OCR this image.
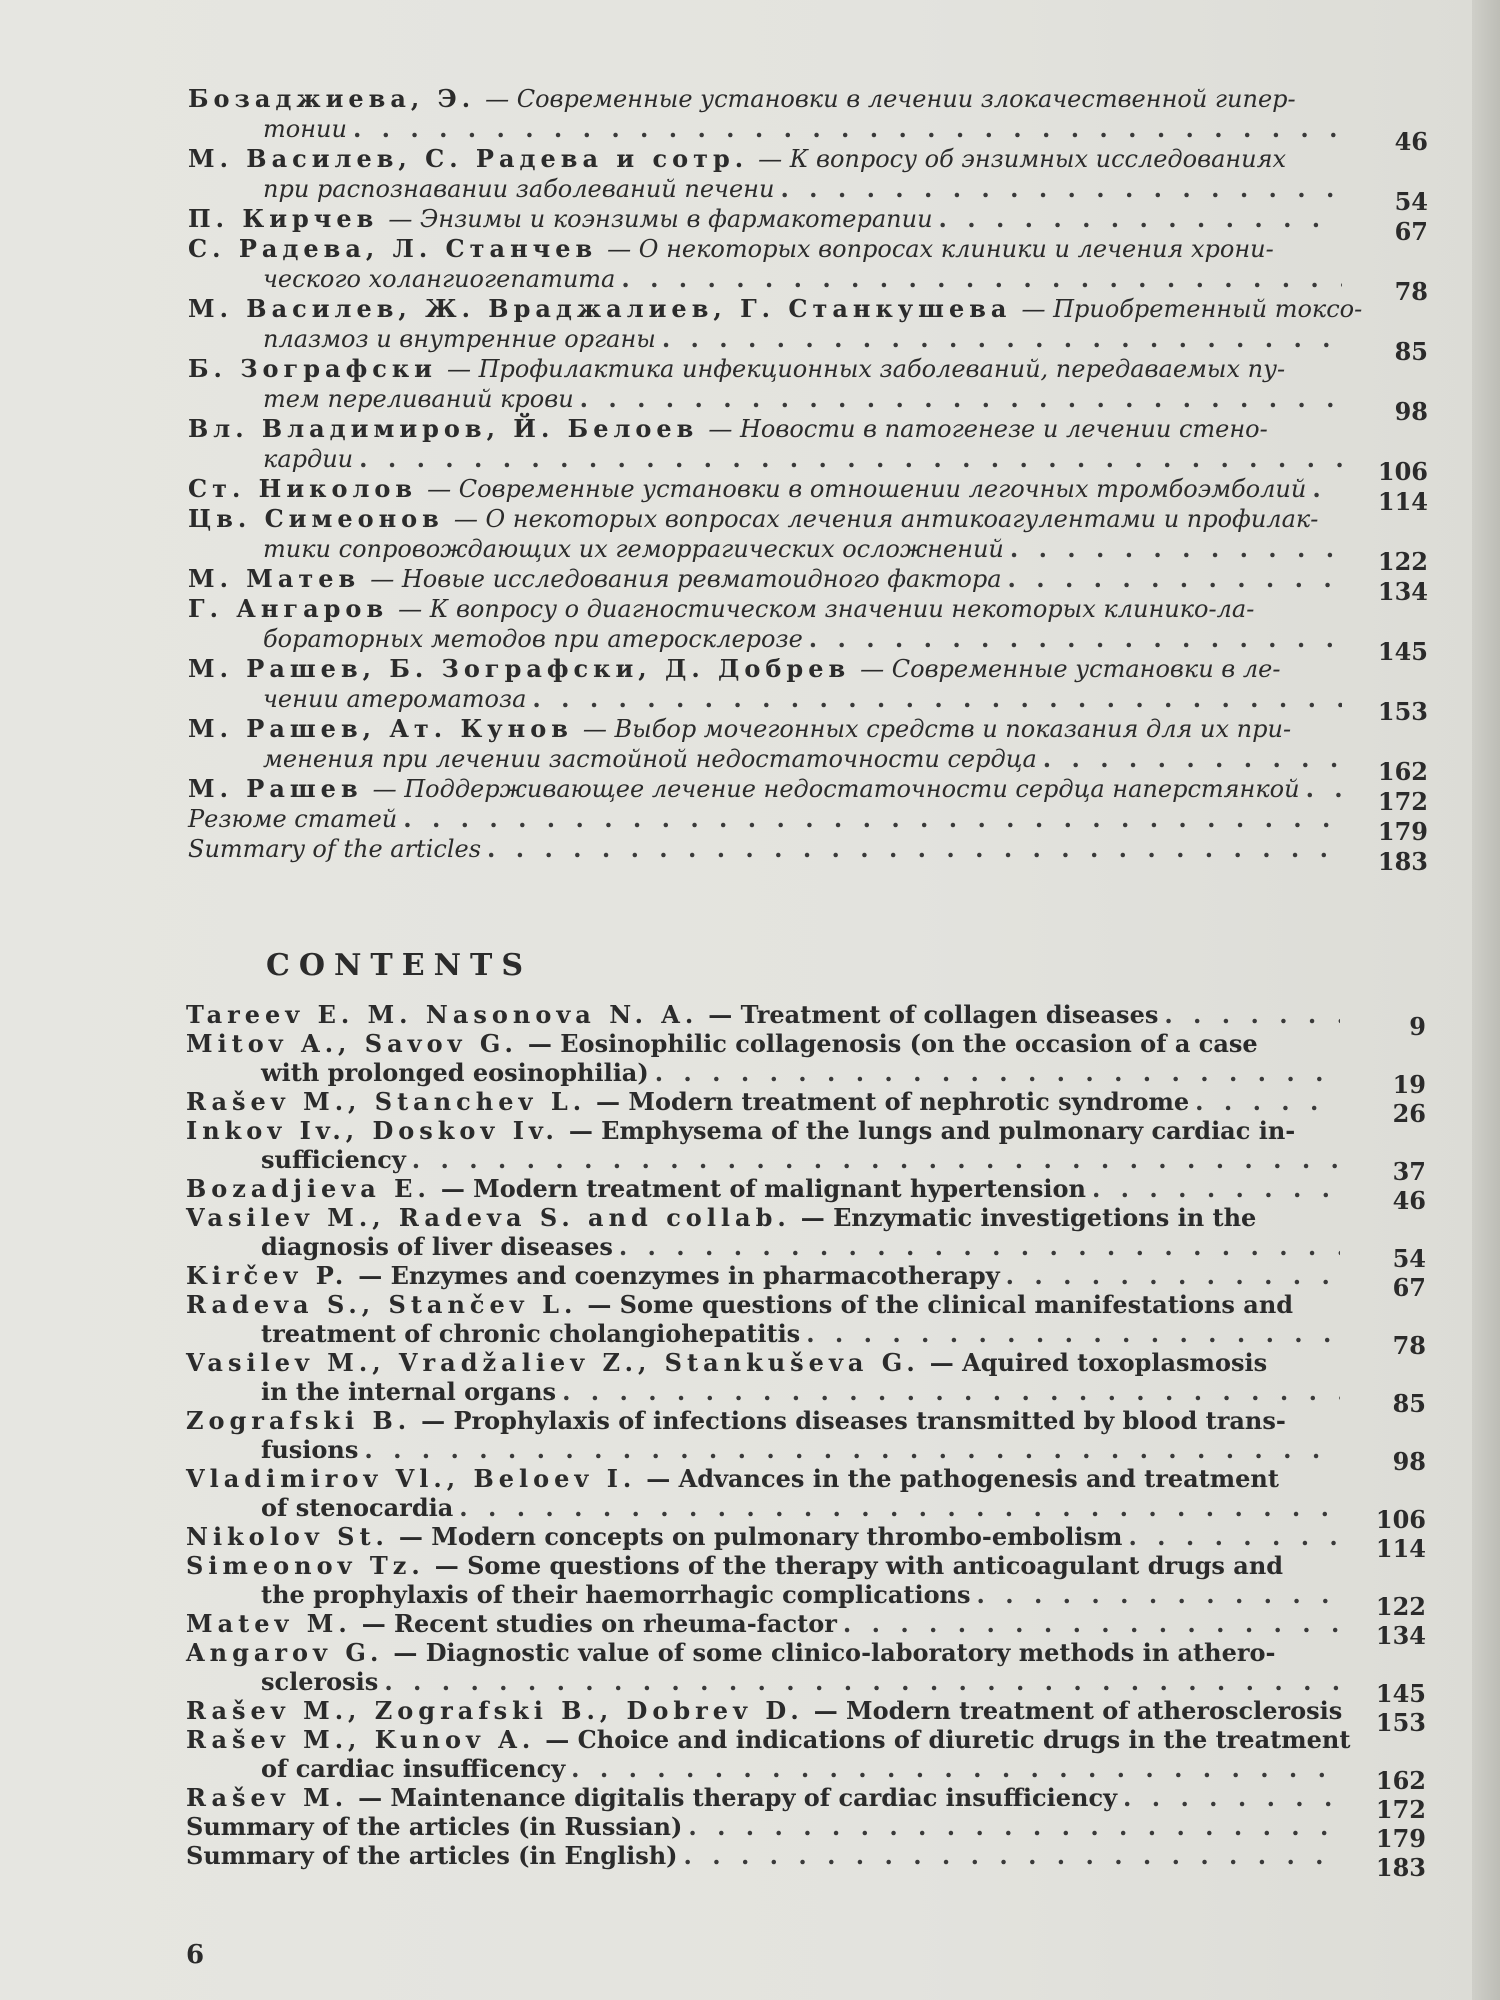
Бозаджиева, Э. — Современные установки в лечении злокачественной гипер-
тонии . . .	46
М. Василев, С. Радева и сотр. — К вопросу об энзимных исследованиях
при распознавании заболеваний печени . . .	54
П. Кирчев — Энзимы и коэнзимы в фармакотерапии . . .	67
С. Радева, Л. Станчев — О некоторых вопросах клиники и лечения хрони-
ческого холангиогепатита . . .	78
М. Василев, Ж. Враджалиев, Г. Станкушева — Приобретенный токсо-
плазмоз и внутренние органы . . .	85
Б. Зографски — Профилактика инфекционных заболеваний, передаваемых пу-
тем переливаний крови . . .	98
Вл. Владимиров, Й. Белоев — Новости в патогенезе и лечении стено-
кардии . . .	106
Ст. Николов — Современные установки в отношении легочных тромбоэмболий . . .	114
Цв. Симеонов — О некоторых вопросах лечения антикоагулентами и профилак-
тики сопровождающих их геморрагических осложнений . . .	122
М. Матев — Новые исследования ревматоидного фактора . . .	134
Г. Ангаров — К вопросу о диагностическом значении некоторых клинико-ла-
бораторных методов при атеросклерозе . . .	145
М. Рашев, Б. Зографски, Д. Добрев — Современные установки в ле-
чении атероматоза . . .	153
М. Рашев, Ат. Кунов — Выбор мочегонных средств и показания для их при-
менения при лечении застойной недостаточности сердца . . .	162
М. Рашев — Поддерживающее лечение недостаточности сердца наперстянкой . . .	172
Резюме статей . . .	179
Summary of the articles . . .	183
CONTENTS
Tareev E. M. Nasonova N. A. — Treatment of collagen diseases . . .	9
Mitov A., Savov G. — Eosinophilic collagenosis (on the occasion of a case
with prolonged eosinophilia) . . .	19
Rašev M., Stanchev L. — Modern treatment of nephrotic syndrome . . .	26
Inkov Iv., Doskov Iv. — Emphysema of the lungs and pulmonary cardiac in-
sufficiency . . .	37
Bozadjieva E. — Modern treatment of malignant hypertension . . .	46
Vasilev M., Radeva S. and collab. — Enzymatic investigetions in the
diagnosis of liver diseases . . .	54
Kirčev P. — Enzymes and coenzymes in pharmacotherapy . . .	67
Radeva S., Stančev L. — Some questions of the clinical manifestations and
treatment of chronic cholangiohepatitis . . .	78
Vasilev M., Vradžaliev Z., Stankuševa G. — Aquired toxoplasmosis
in the internal organs . . .	85
Zografski B. — Prophylaxis of infections diseases transmitted by blood trans-
fusions . . .	98
Vladimirov Vl., Beloev I. — Advances in the pathogenesis and treatment
of stenocardia . . .	106
Nikolov St. — Modern concepts on pulmonary thrombo-embolism . . .	114
Simeonov Tz. — Some questions of the therapy with anticoagulant drugs and
the prophylaxis of their haemorrhagic complications . . .	122
Matev M. — Recent studies on rheuma-factor . . .	134
Angarov G. — Diagnostic value of some clinico-laboratory methods in athero-
sclerosis . . .	145
Rašev M., Zografski B., Dobrev D. — Modern treatment of atherosclerosis	153
Rašev M., Kunov A. — Choice and indications of diuretic drugs in the treatment
of cardiac insufficency . . .	162
Rašev M. — Maintenance digitalis therapy of cardiac insufficiency . . .	172
Summary of the articles (in Russian) . . .	179
Summary of the articles (in English) . . .	183
6
